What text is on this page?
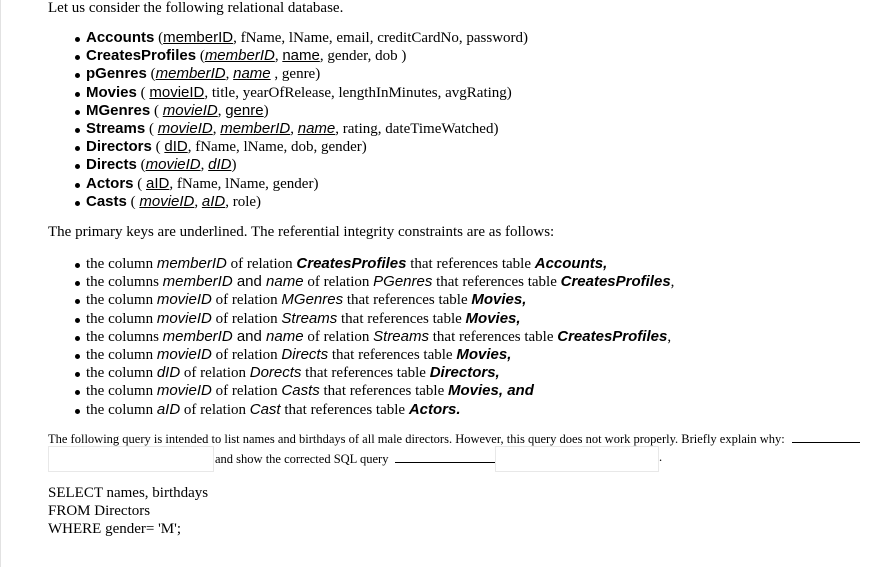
Let us consider the following relational database.
Accounts (memberID, fName, lName, email, creditCardNo, password)
CreatesProfiles (memberID, name, gender, dob )
pGenres (memberID, name , genre)
Movies ( movieID, title, yearOfRelease, lengthInMinutes, avgRating)
MGenres ( movieID, genre)
Streams ( movieID, memberID, name, rating, dateTimeWatched)
Directors ( dID, fName, lName, dob, gender)
Directs (movieID, dID)
Actors ( aID, fName, lName, gender)
Casts ( movieID, aID, role)
The primary keys are underlined. The referential integrity constraints are as follows:
the column memberID of relation CreatesProfiles that references table Accounts,
the columns memberID and name of relation PGenres that references table CreatesProfiles,
the column movieID of relation MGenres that references table Movies,
the column movieID of relation Streams that references table Movies,
the columns memberID and name of relation Streams that references table CreatesProfiles,
the column movieID of relation Directs that references table Movies,
the column dID of relation Dorects that references table Directors,
the column movieID of relation Casts that references table Movies, and
the column aID of relation Cast that references table Actors.
The following query is intended to list names and birthdays of all male directors. However, this query does not work properly. Briefly explain why:
and show the corrected SQL query	.
SELECT names, birthdays
FROM Directors
WHERE gender= 'M';
